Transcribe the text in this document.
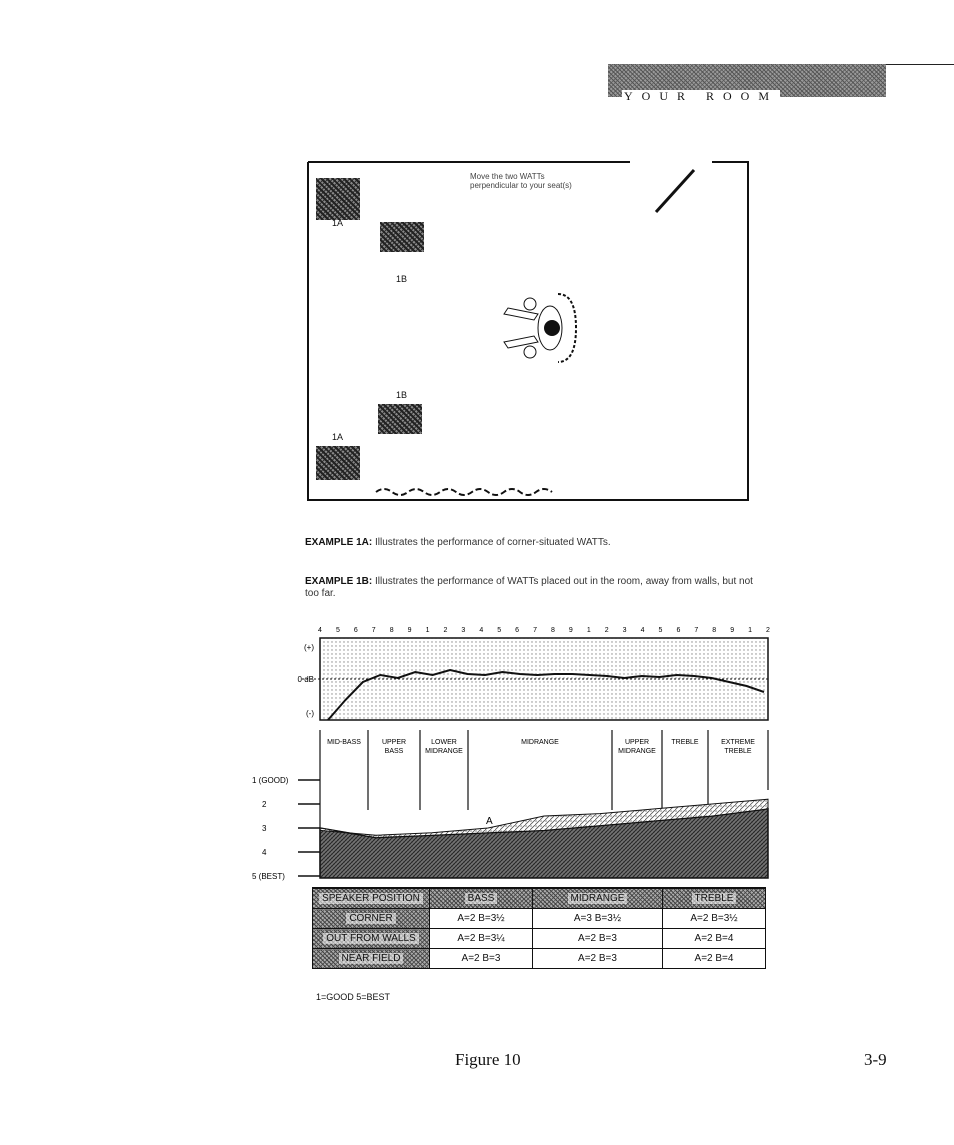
YOUR ROOM
Move the two WATTs
perpendicular to your seat(s)
1A
1B
1B
1A
EXAMPLE 1A: Illustrates the performance of corner-situated WATTs.
EXAMPLE 1B: Illustrates the performance of WATTs placed out in the room, away from walls, but not too far.
4 5 6 7 8 9 1 2 3 4 5 6 7 8 9 1 2 3 4 5 6 7 8 9 1 2
MID-BASS	UPPER BASS
LOWER MIDRANGE
MIDRANGE	UPPER MIDRANGE
TREBLE	EXTREME TREBLE
A
1 (GOOD)
2
3
4
5 (BEST)
(+)
0 dB
(-)
SPEAKER POSITION	BASS	MIDRANGE	TREBLE
CORNER	A=2 B=3½	A=3 B=3½	A=2 B=3½
OUT FROM WALLS	A=2 B=3¼	A=2 B=3	A=2 B=4
NEAR FIELD	A=2 B=3	A=2 B=3	A=2 B=4
1=GOOD 5=BEST
Figure 10	3-9
